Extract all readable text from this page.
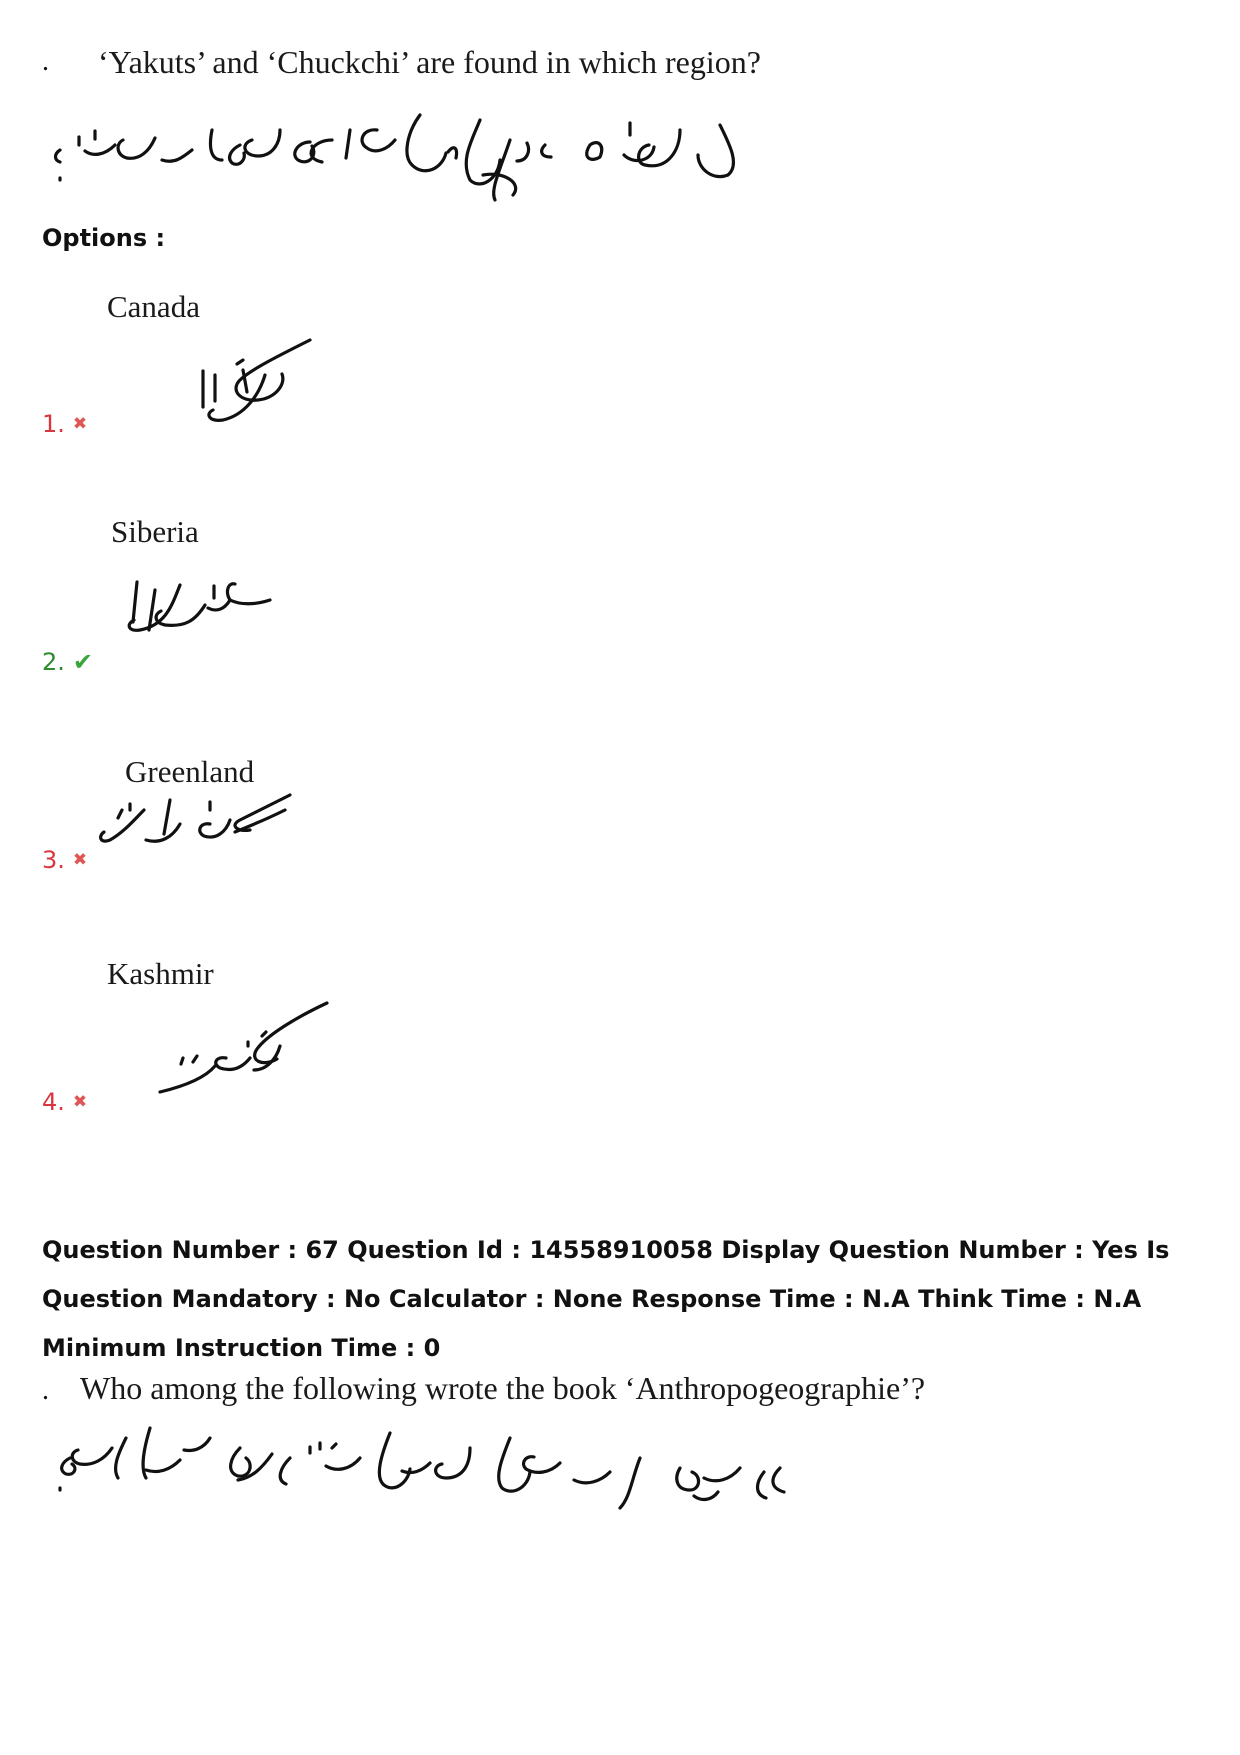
. ‘Yakuts’ and ‘Chuckchi’ are found in which region?
Options :
Canada
1. ✖
Siberia
2. ✔
Greenland
3. ✖
Kashmir
4. ✖
Question Number : 67 Question Id : 14558910058 Display Question Number : Yes Is Question Mandatory : No Calculator : None Response Time : N.A Think Time : N.A Minimum Instruction Time : 0
. Who among the following wrote the book ‘Anthropogeographie’?
